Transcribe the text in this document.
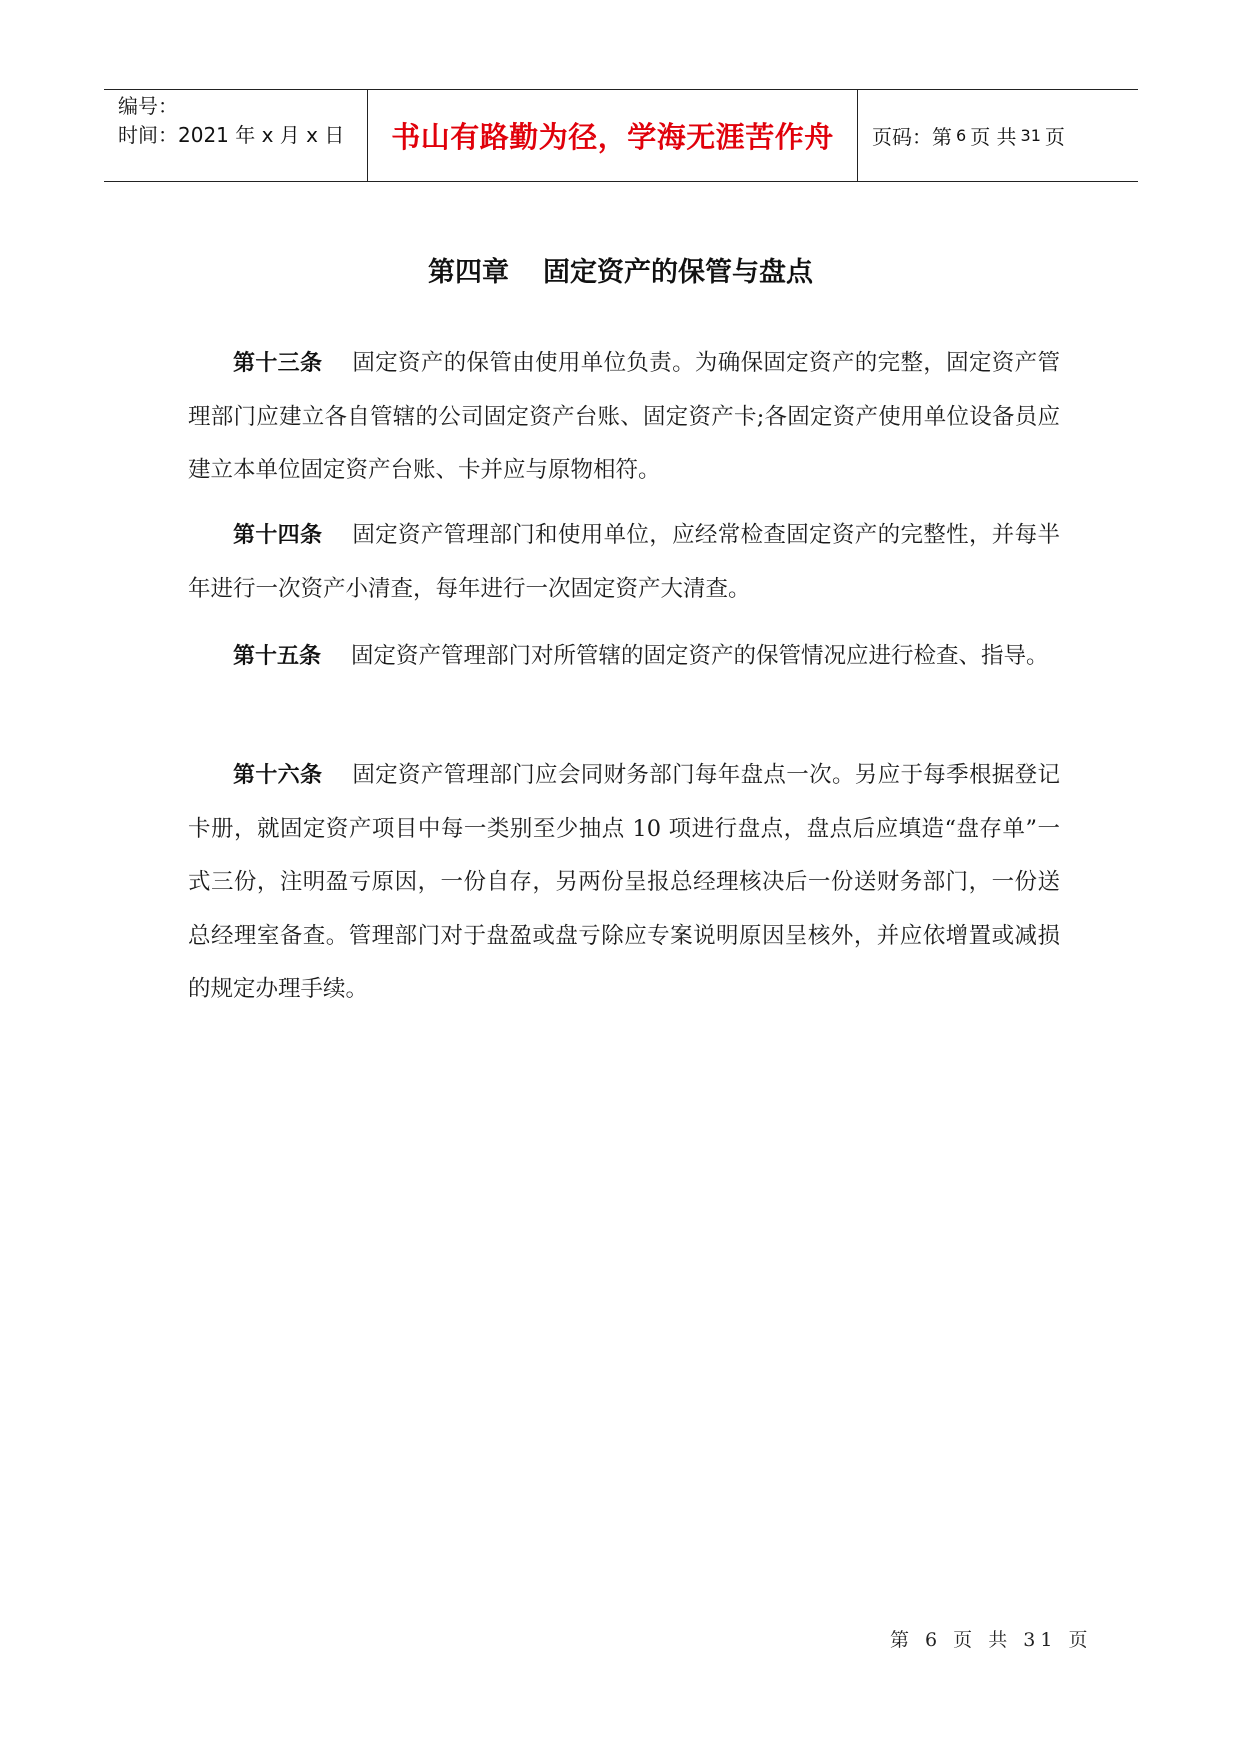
编号：
时间：2021 年 x 月 x 日	书山有路勤为径，学海无涯苦作舟	页码：第 6 页 共 31 页
第四章 固定资产的保管与盘点
第十三条 固定资产的保管由使用单位负责。为确保固定资产的完整，固定资产管理部门应建立各自管辖的公司固定资产台账、固定资产卡;各固定资产使用单位设备员应建立本单位固定资产台账、卡并应与原物相符。
第十四条 固定资产管理部门和使用单位，应经常检查固定资产的完整性，并每半年进行一次资产小清查，每年进行一次固定资产大清查。
第十五条 固定资产管理部门对所管辖的固定资产的保管情况应进行检查、指导。
第十六条 固定资产管理部门应会同财务部门每年盘点一次。另应于每季根据登记卡册，就固定资产项目中每一类别至少抽点 10 项进行盘点，盘点后应填造“盘存单”一式三份，注明盈亏原因，一份自存，另两份呈报总经理核决后一份送财务部门，一份送总经理室备查。管理部门对于盘盈或盘亏除应专案说明原因呈核外，并应依增置或减损的规定办理手续。
第 6 页 共 31 页
